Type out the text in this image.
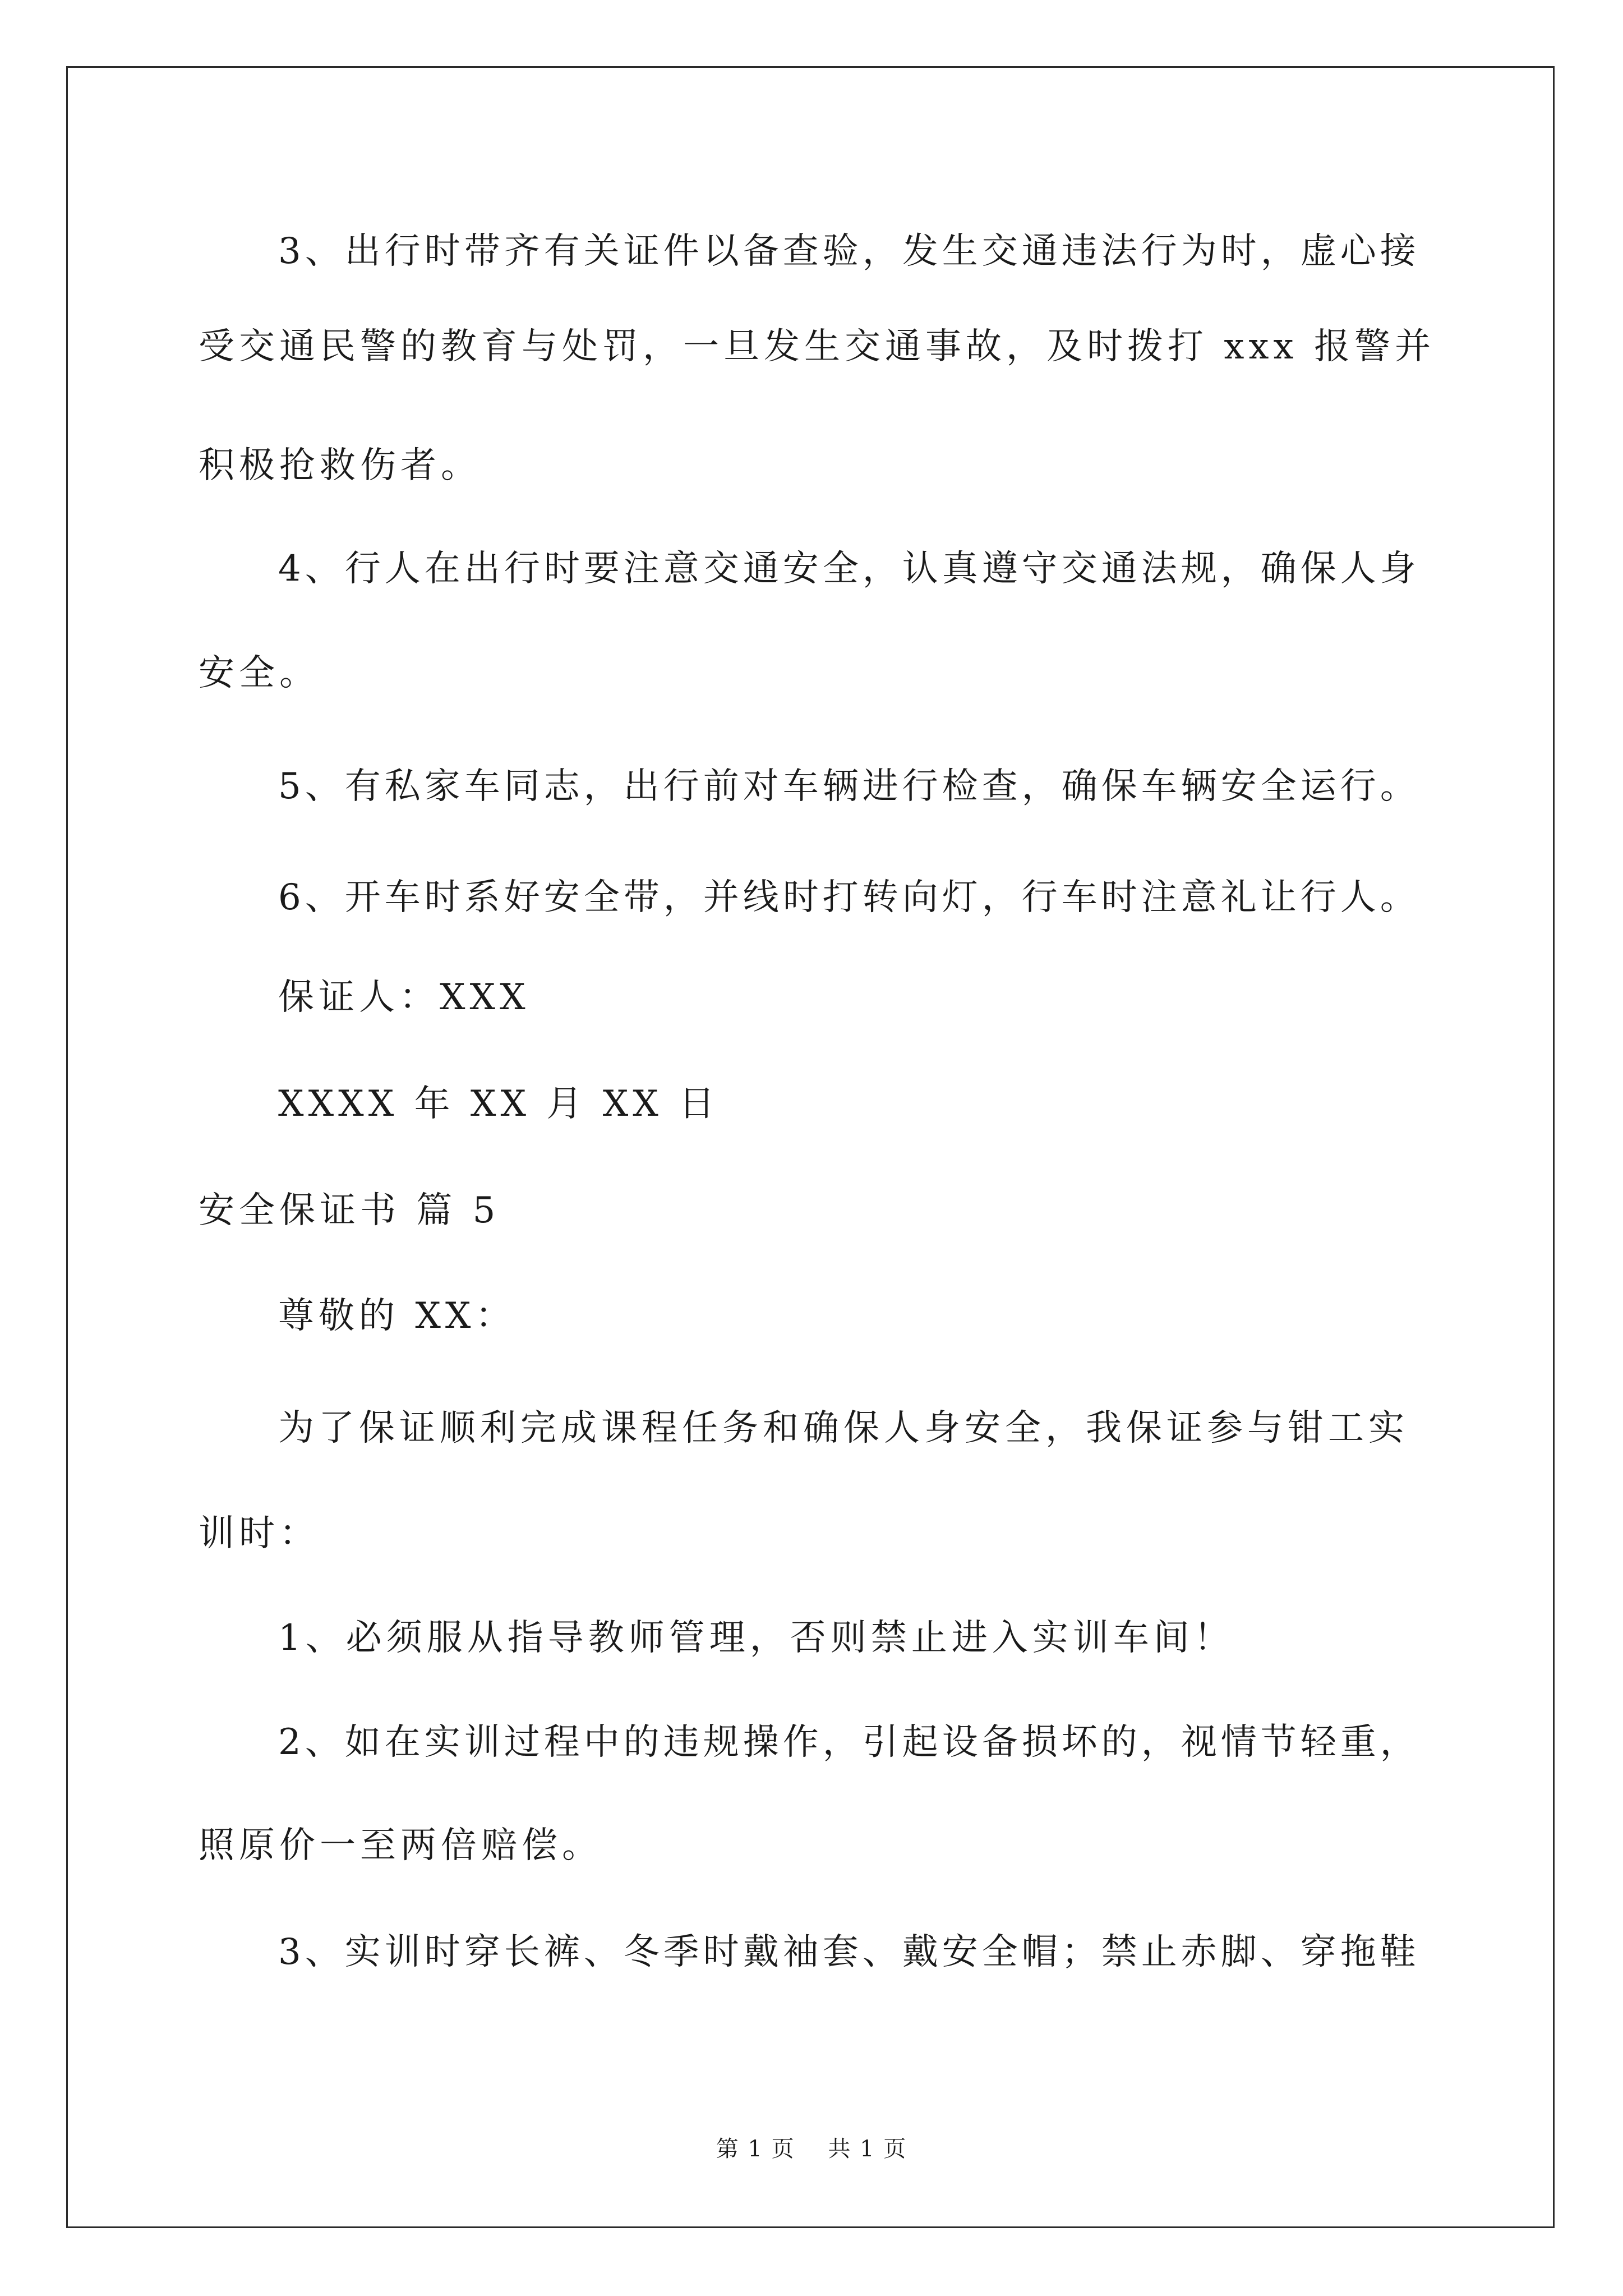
3、出行时带齐有关证件以备查验，发生交通违法行为时，虚心接
受交通民警的教育与处罚，一旦发生交通事故，及时拨打 xxx 报警并
积极抢救伤者。
4、行人在出行时要注意交通安全，认真遵守交通法规，确保人身
安全。
5、有私家车同志，出行前对车辆进行检查，确保车辆安全运行。
6、开车时系好安全带，并线时打转向灯，行车时注意礼让行人。
保证人：XXX
XXXX 年 XX 月 XX 日
安全保证书 篇 5
尊敬的 XX：
为了保证顺利完成课程任务和确保人身安全，我保证参与钳工实
训时：
1、必须服从指导教师管理，否则禁止进入实训车间！
2、如在实训过程中的违规操作，引起设备损坏的，视情节轻重，
照原价一至两倍赔偿。
3、实训时穿长裤、冬季时戴袖套、戴安全帽；禁止赤脚、穿拖鞋
第 1 页    共 1 页
